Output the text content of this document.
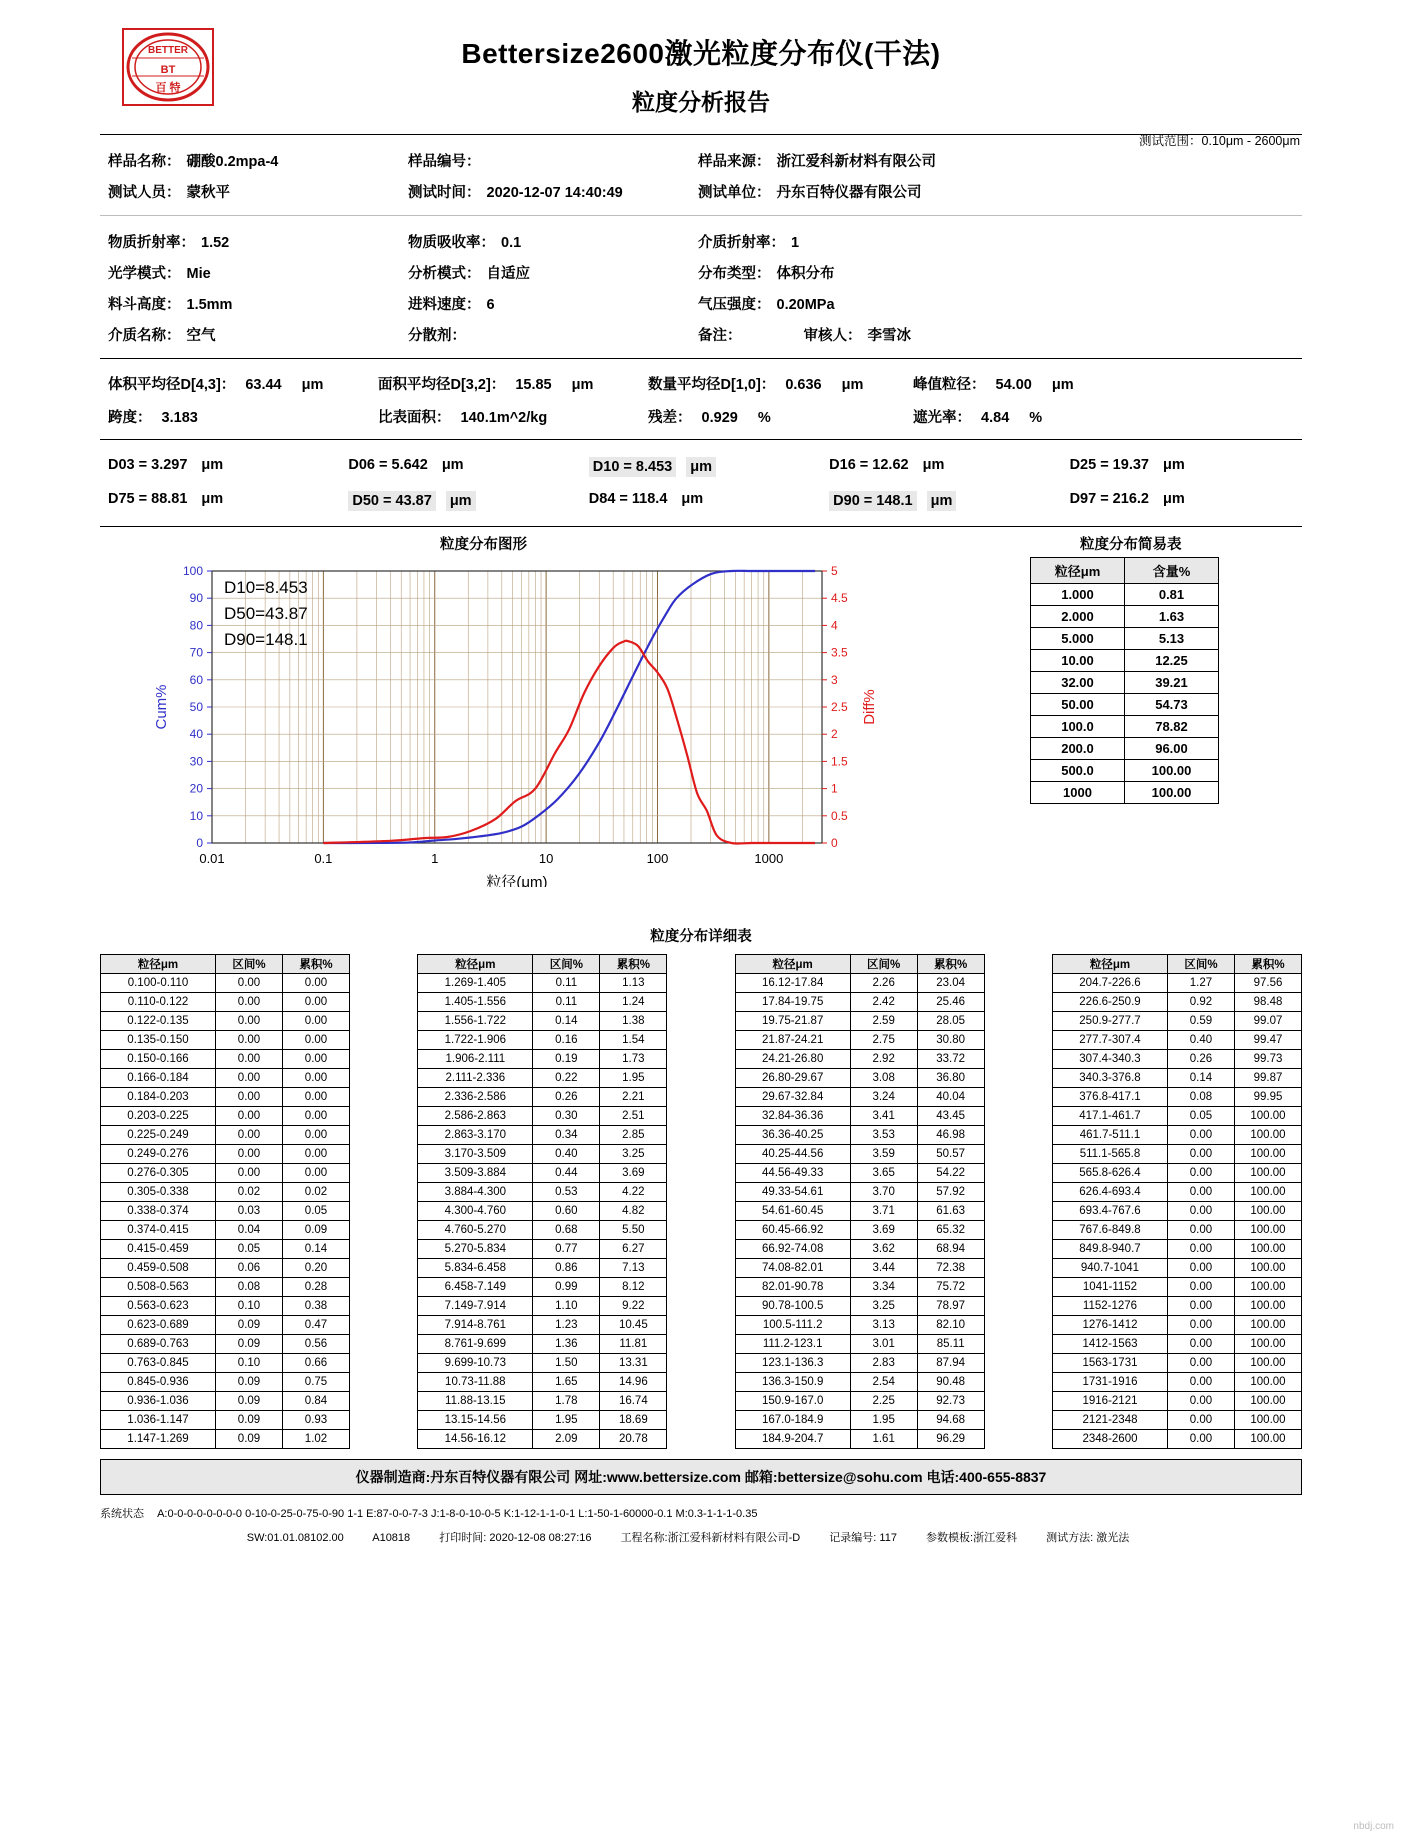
BETTER
BT
百 特
Bettersize2600激光粒度分布仪(干法)
粒度分析报告
测试范围：0.10μm - 2600μm
样品名称： 硼酸0.2mpa-4	样品编号：	样品来源： 浙江爱科新材料有限公司
测试人员： 蒙秋平	测试时间： 2020-12-07 14:40:49	测试单位： 丹东百特仪器有限公司
物质折射率： 1.52	物质吸收率： 0.1	介质折射率： 1
光学模式： Mie	分析模式： 自适应	分布类型： 体积分布
料斗高度： 1.5mm	进料速度： 6	气压强度： 0.20MPa
介质名称： 空气	分散剂：	备注：	审核人： 李雪冰
体积平均径D[4,3]： 63.44 μm	面积平均径D[3,2]： 15.85 μm	数量平均径D[1,0]： 0.636 μm	峰值粒径： 54.00 μm
跨度： 3.183	比表面积： 140.1m^2/kg	残差： 0.929 %	遮光率： 4.84 %
D03 = 3.297 μm	D06 = 5.642 μm	D10 = 8.453 μm	D16 = 12.62 μm	D25 = 19.37 μm
D75 = 88.81 μm	D50 = 43.87 μm	D84 = 118.4 μm	D90 = 148.1 μm	D97 = 216.2 μm
粒度分布图形	粒度分布简易表
0
10
20
30
40
50
60
70
80
90
100
0
0.5
1
1.5
2
2.5
3
3.5
4
4.5
5
0.01	0.1	1	10	100	1000
粒径(μm)
Cum%	Diff%
D10=8.453
D50=43.87
D90=148.1
粒径μm	含量%
1.000	0.81
2.000	1.63
5.000	5.13
10.00	12.25
32.00	39.21
50.00	54.73
100.0	78.82
200.0	96.00
500.0	100.00
1000	100.00
粒度分布详细表
粒径μm	区间%	累积%
0.100-0.110	0.00	0.00
0.110-0.122	0.00	0.00
0.122-0.135	0.00	0.00
0.135-0.150	0.00	0.00
0.150-0.166	0.00	0.00
0.166-0.184	0.00	0.00
0.184-0.203	0.00	0.00
0.203-0.225	0.00	0.00
0.225-0.249	0.00	0.00
0.249-0.276	0.00	0.00
0.276-0.305	0.00	0.00
0.305-0.338	0.02	0.02
0.338-0.374	0.03	0.05
0.374-0.415	0.04	0.09
0.415-0.459	0.05	0.14
0.459-0.508	0.06	0.20
0.508-0.563	0.08	0.28
0.563-0.623	0.10	0.38
0.623-0.689	0.09	0.47
0.689-0.763	0.09	0.56
0.763-0.845	0.10	0.66
0.845-0.936	0.09	0.75
0.936-1.036	0.09	0.84
1.036-1.147	0.09	0.93
1.147-1.269	0.09	1.02
粒径μm	区间%	累积%
1.269-1.405	0.11	1.13
1.405-1.556	0.11	1.24
1.556-1.722	0.14	1.38
1.722-1.906	0.16	1.54
1.906-2.111	0.19	1.73
2.111-2.336	0.22	1.95
2.336-2.586	0.26	2.21
2.586-2.863	0.30	2.51
2.863-3.170	0.34	2.85
3.170-3.509	0.40	3.25
3.509-3.884	0.44	3.69
3.884-4.300	0.53	4.22
4.300-4.760	0.60	4.82
4.760-5.270	0.68	5.50
5.270-5.834	0.77	6.27
5.834-6.458	0.86	7.13
6.458-7.149	0.99	8.12
7.149-7.914	1.10	9.22
7.914-8.761	1.23	10.45
8.761-9.699	1.36	11.81
9.699-10.73	1.50	13.31
10.73-11.88	1.65	14.96
11.88-13.15	1.78	16.74
13.15-14.56	1.95	18.69
14.56-16.12	2.09	20.78
粒径μm	区间%	累积%
16.12-17.84	2.26	23.04
17.84-19.75	2.42	25.46
19.75-21.87	2.59	28.05
21.87-24.21	2.75	30.80
24.21-26.80	2.92	33.72
26.80-29.67	3.08	36.80
29.67-32.84	3.24	40.04
32.84-36.36	3.41	43.45
36.36-40.25	3.53	46.98
40.25-44.56	3.59	50.57
44.56-49.33	3.65	54.22
49.33-54.61	3.70	57.92
54.61-60.45	3.71	61.63
60.45-66.92	3.69	65.32
66.92-74.08	3.62	68.94
74.08-82.01	3.44	72.38
82.01-90.78	3.34	75.72
90.78-100.5	3.25	78.97
100.5-111.2	3.13	82.10
111.2-123.1	3.01	85.11
123.1-136.3	2.83	87.94
136.3-150.9	2.54	90.48
150.9-167.0	2.25	92.73
167.0-184.9	1.95	94.68
184.9-204.7	1.61	96.29
粒径μm	区间%	累积%
204.7-226.6	1.27	97.56
226.6-250.9	0.92	98.48
250.9-277.7	0.59	99.07
277.7-307.4	0.40	99.47
307.4-340.3	0.26	99.73
340.3-376.8	0.14	99.87
376.8-417.1	0.08	99.95
417.1-461.7	0.05	100.00
461.7-511.1	0.00	100.00
511.1-565.8	0.00	100.00
565.8-626.4	0.00	100.00
626.4-693.4	0.00	100.00
693.4-767.6	0.00	100.00
767.6-849.8	0.00	100.00
849.8-940.7	0.00	100.00
940.7-1041	0.00	100.00
1041-1152	0.00	100.00
1152-1276	0.00	100.00
1276-1412	0.00	100.00
1412-1563	0.00	100.00
1563-1731	0.00	100.00
1731-1916	0.00	100.00
1916-2121	0.00	100.00
2121-2348	0.00	100.00
2348-2600	0.00	100.00
仪器制造商:丹东百特仪器有限公司 网址:www.bettersize.com 邮箱:bettersize@sohu.com 电话:400-655-8837
系统状态 A:0-0-0-0-0-0-0-0 0-10-0-25-0-75-0-90 1-1 E:87-0-0-7-3 J:1-8-0-10-0-5 K:1-12-1-1-0-1 L:1-50-1-60000-0.1 M:0.3-1-1-1-0.35
SW:01.01.08102.00	A10818	打印时间: 2020-12-08 08:27:16	工程名称:浙江爱科新材料有限公司-D	记录编号: 117	参数模板:浙江爱科	测试方法: 激光法
nbdj.com
